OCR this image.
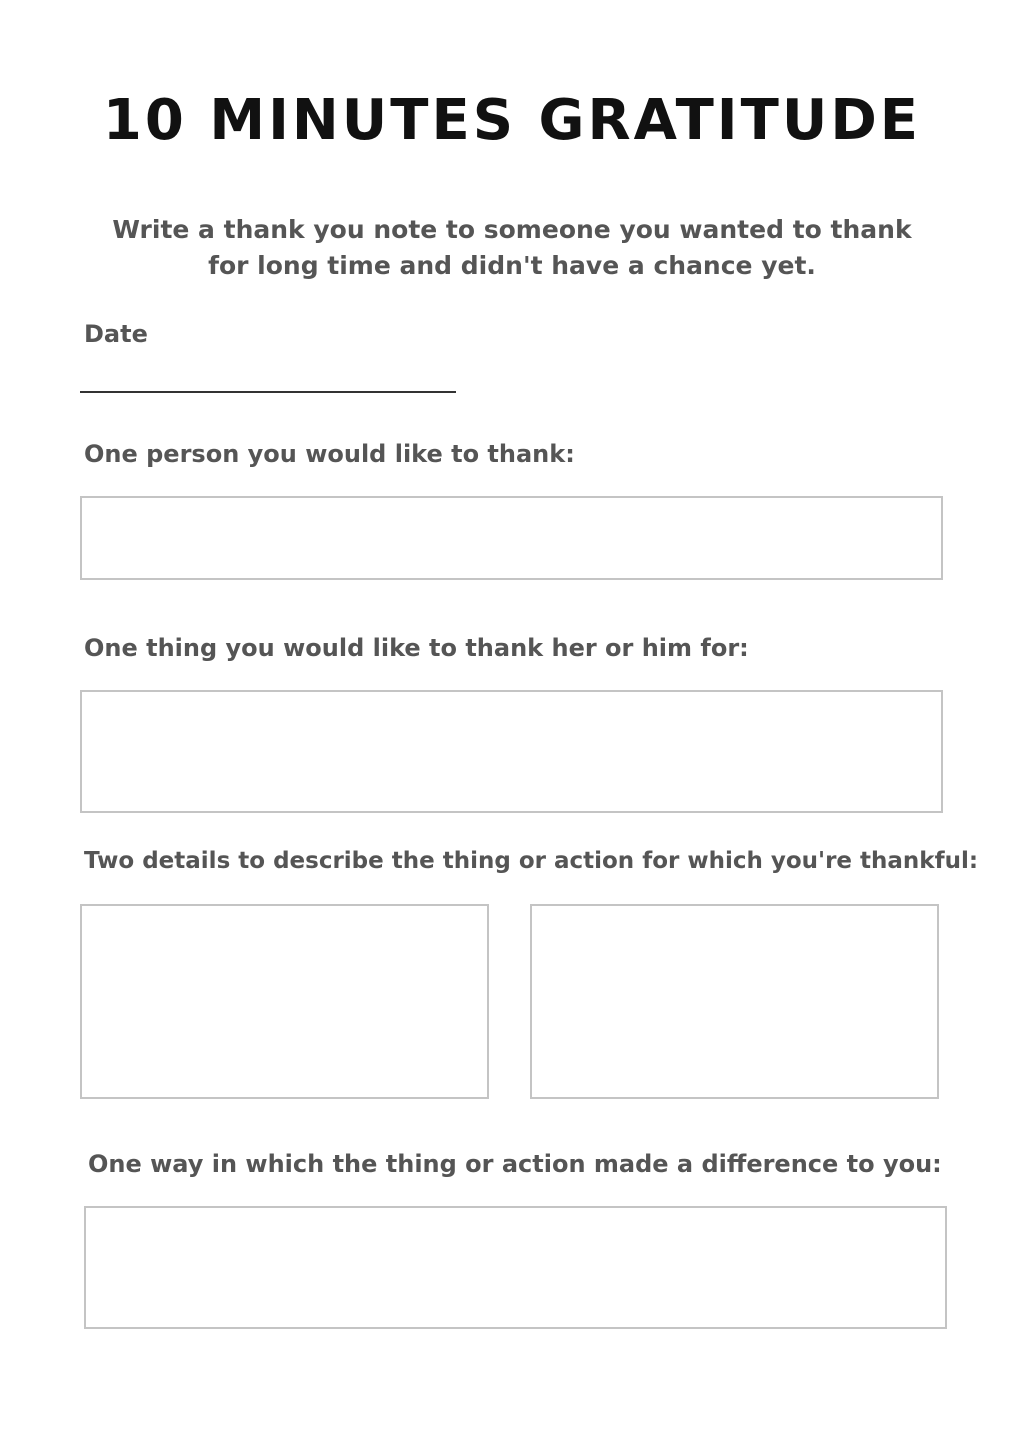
10 MINUTES GRATITUDE
Write a thank you note to someone you wanted to thank
for long time and didn't have a chance yet.
Date
One person you would like to thank:
One thing you would like to thank her or him for:
Two details to describe the thing or action for which you're thankful:
One way in which the thing or action made a difference to you:
